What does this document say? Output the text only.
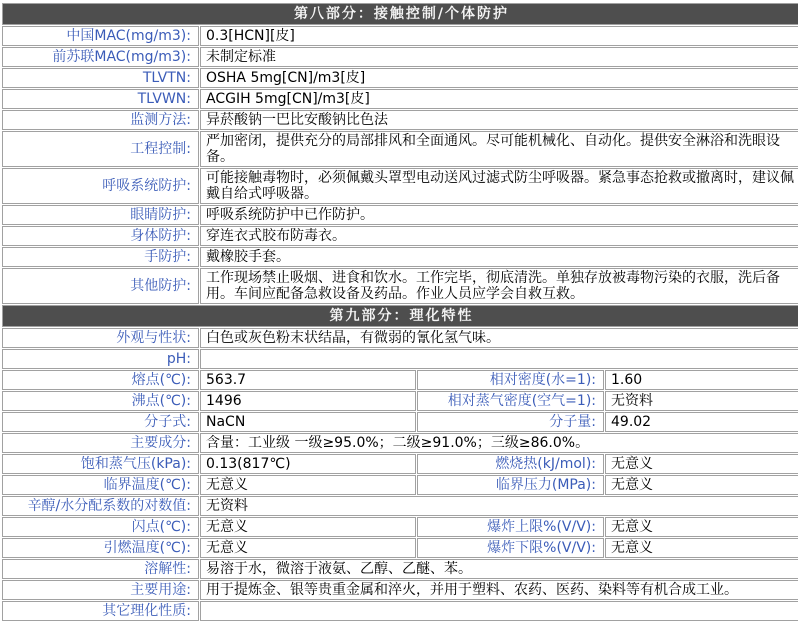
第八部分：接触控制/个体防护			
中国MAC(mg/m3):	0.3[HCN][皮]		
前苏联MAC(mg/m3):	未制定标准		
TLVTN:	OSHA 5mg[CN]/m3[皮]		
TLVWN:	ACGIH 5mg[CN]/m3[皮]		
监测方法:	异菸酸钠一巴比安酸钠比色法		
工程控制:	严加密闭，提供充分的局部排风和全面通风。尽可能机械化、自动化。提供安全淋浴和洗眼设备。		
呼吸系统防护:	可能接触毒物时，必须佩戴头罩型电动送风过滤式防尘呼吸器。紧急事态抢救或撤离时，建议佩戴自给式呼吸器。		
眼睛防护:	呼吸系统防护中已作防护。		
身体防护:	穿连衣式胶布防毒衣。		
手防护:	戴橡胶手套。		
其他防护:	工作现场禁止吸烟、进食和饮水。工作完毕，彻底清洗。单独存放被毒物污染的衣服，洗后备用。车间应配备急救设备及药品。作业人员应学会自救互救。		
第九部分：理化特性			
外观与性状:	白色或灰色粉末状结晶，有微弱的氰化氢气味。		
pH:			
熔点(℃):	563.7	相对密度(水=1):	1.60
沸点(℃):	1496	相对蒸气密度(空气=1):	无资料
分子式:	NaCN	分子量:	49.02
主要成分:	含量：工业级 一级≥95.0%；二级≥91.0%；三级≥86.0%。		
饱和蒸气压(kPa):	0.13(817℃)	燃烧热(kJ/mol):	无意义
临界温度(℃):	无意义	临界压力(MPa):	无意义
辛醇/水分配系数的对数值:	无资料		
闪点(℃):	无意义	爆炸上限%(V/V):	无意义
引燃温度(℃):	无意义	爆炸下限%(V/V):	无意义
溶解性:	易溶于水，微溶于液氨、乙醇、乙醚、苯。		
主要用途:	用于提炼金、银等贵重金属和淬火，并用于塑料、农药、医药、染料等有机合成工业。		
其它理化性质:			
